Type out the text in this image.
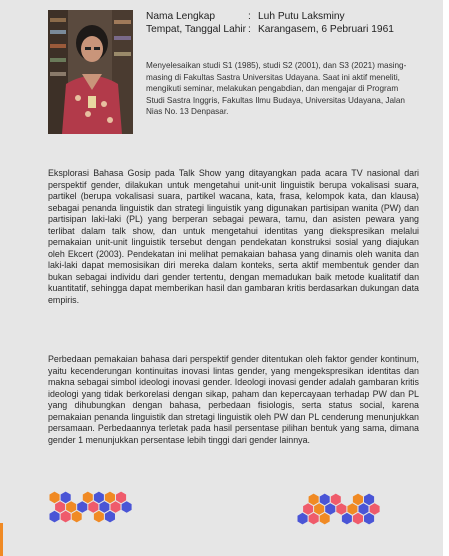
Nama Lengkap	: Luh Putu Laksminy
Tempat, Tanggal Lahir : Karangasem, 6 Pebruari 1961
Menyelesaikan studi S1 (1985), studi S2 (2001), dan S3 (2021) masing-masing di Fakultas Sastra Universitas Udayana. Saat ini aktif meneliti, mengikuti seminar, melakukan pengabdian, dan mengajar di Program Studi Sastra Inggris, Fakultas Ilmu Budaya, Universitas Udayana, Jalan Nias No. 13 Denpasar.

Eksplorasi Bahasa Gosip pada Talk Show yang ditayangkan pada acara TV nasional dari perspektif gender, dilakukan untuk mengetahui unit-unit linguistik berupa vokalisasi suara, partikel (berupa vokalisasi suara, partikel wacana, kata, frasa, kelompok kata, dan klausa) sebagai penanda linguistik dan strategi linguistik yang digunakan partisipan wanita (PW) dan partisipan laki-laki (PL) yang berperan sebagai pewara, tamu, dan asisten pewara yang terlibat dalam talk show, dan untuk mengetahui identitas yang diekspresikan melalui pemakaian unit-unit linguistik tersebut dengan pendekatan konstruksi sosial yang diajukan oleh Ekcert (2003). Pendekatan ini melihat pemakaian bahasa yang dinamis oleh wanita dan laki-laki dapat memosisikan diri mereka dalam konteks, serta aktif membentuk gender dan bukan sebagai individu dari gender tertentu, dengan memadukan baik metode kualitatif dan kuantitatif, sehingga dapat memberikan hasil dan gambaran kritis berdasarkan dukungan data empiris.

Perbedaan pemakaian bahasa dari perspektif gender ditentukan oleh faktor gender kontinum, yaitu kecenderungan kontinuitas inovasi lintas gender, yang mengekspresikan identitas dan makna sebagai simbol ideologi inovasi gender. Ideologi inovasi gender adalah gambaran kritis ideologi yang tidak berkorelasi dengan sikap, paham dan kepercayaan terhadap PW dan PL yang dihubungkan dengan bahasa, perbedaan fisiologis, serta status social, karena pemakaian penanda linguistik dan stretagi linguistik oleh PW dan PL cenderung menunjukkan persamaan. Perbedaannya terletak pada hasil persentase pilihan bentuk yang sama, dimana gender 1 menunjukkan persentase lebih tinggi dari gender lainnya.
